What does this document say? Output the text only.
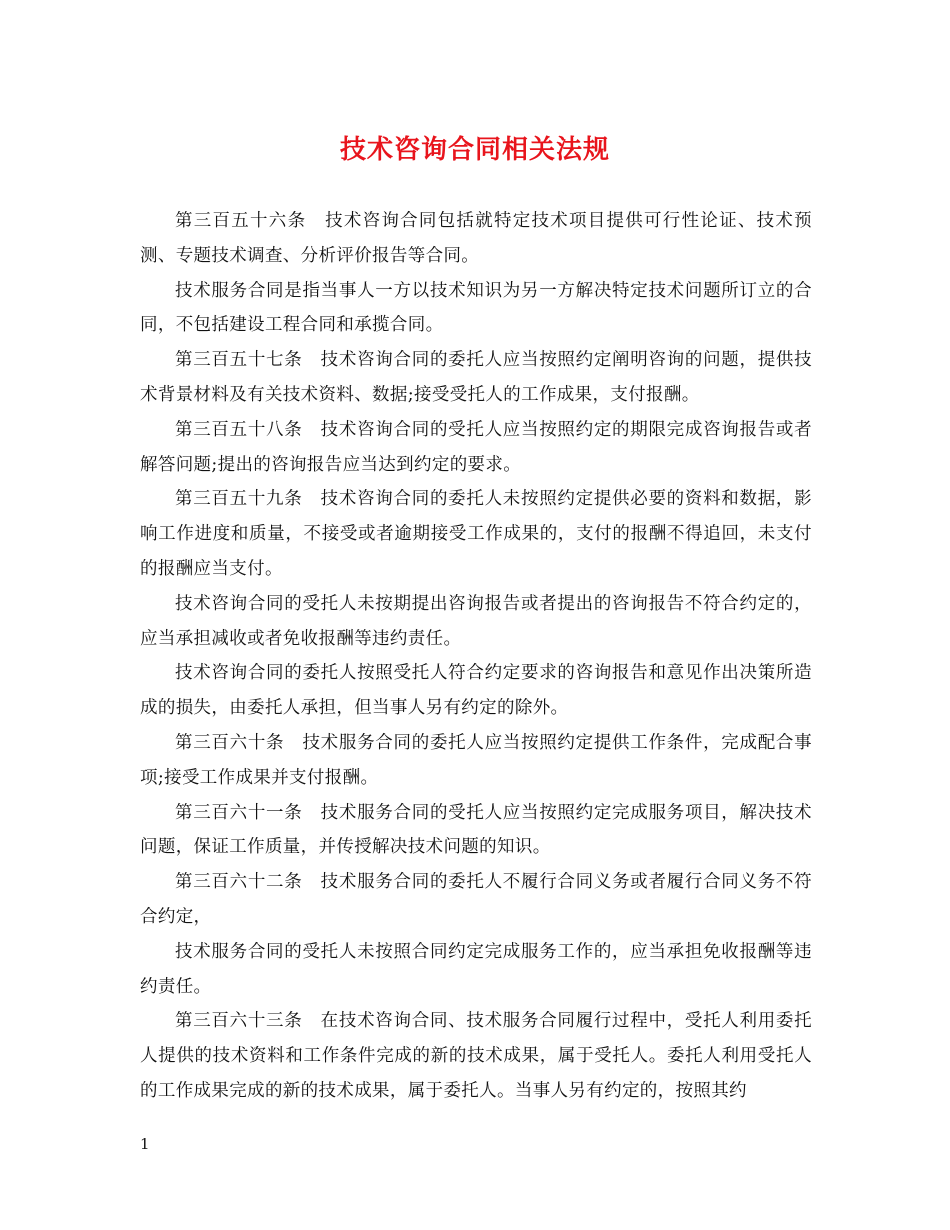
技术咨询合同相关法规

第三百五十六条　技术咨询合同包括就特定技术项目提供可行性论证、技术预测、专题技术调查、分析评价报告等合同。

技术服务合同是指当事人一方以技术知识为另一方解决特定技术问题所订立的合同，不包括建设工程合同和承揽合同。

第三百五十七条　技术咨询合同的委托人应当按照约定阐明咨询的问题，提供技术背景材料及有关技术资料、数据;接受受托人的工作成果，支付报酬。

第三百五十八条　技术咨询合同的受托人应当按照约定的期限完成咨询报告或者解答问题;提出的咨询报告应当达到约定的要求。

第三百五十九条　技术咨询合同的委托人未按照约定提供必要的资料和数据，影响工作进度和质量，不接受或者逾期接受工作成果的，支付的报酬不得追回，未支付的报酬应当支付。

技术咨询合同的受托人未按期提出咨询报告或者提出的咨询报告不符合约定的，应当承担减收或者免收报酬等违约责任。

技术咨询合同的委托人按照受托人符合约定要求的咨询报告和意见作出决策所造成的损失，由委托人承担，但当事人另有约定的除外。

第三百六十条　技术服务合同的委托人应当按照约定提供工作条件，完成配合事项;接受工作成果并支付报酬。

第三百六十一条　技术服务合同的受托人应当按照约定完成服务项目，解决技术问题，保证工作质量，并传授解决技术问题的知识。

第三百六十二条　技术服务合同的委托人不履行合同义务或者履行合同义务不符合约定，

技术服务合同的受托人未按照合同约定完成服务工作的，应当承担免收报酬等违约责任。

第三百六十三条　在技术咨询合同、技术服务合同履行过程中，受托人利用委托人提供的技术资料和工作条件完成的新的技术成果，属于受托人。委托人利用受托人的工作成果完成的新的技术成果，属于委托人。当事人另有约定的，按照其约

1
